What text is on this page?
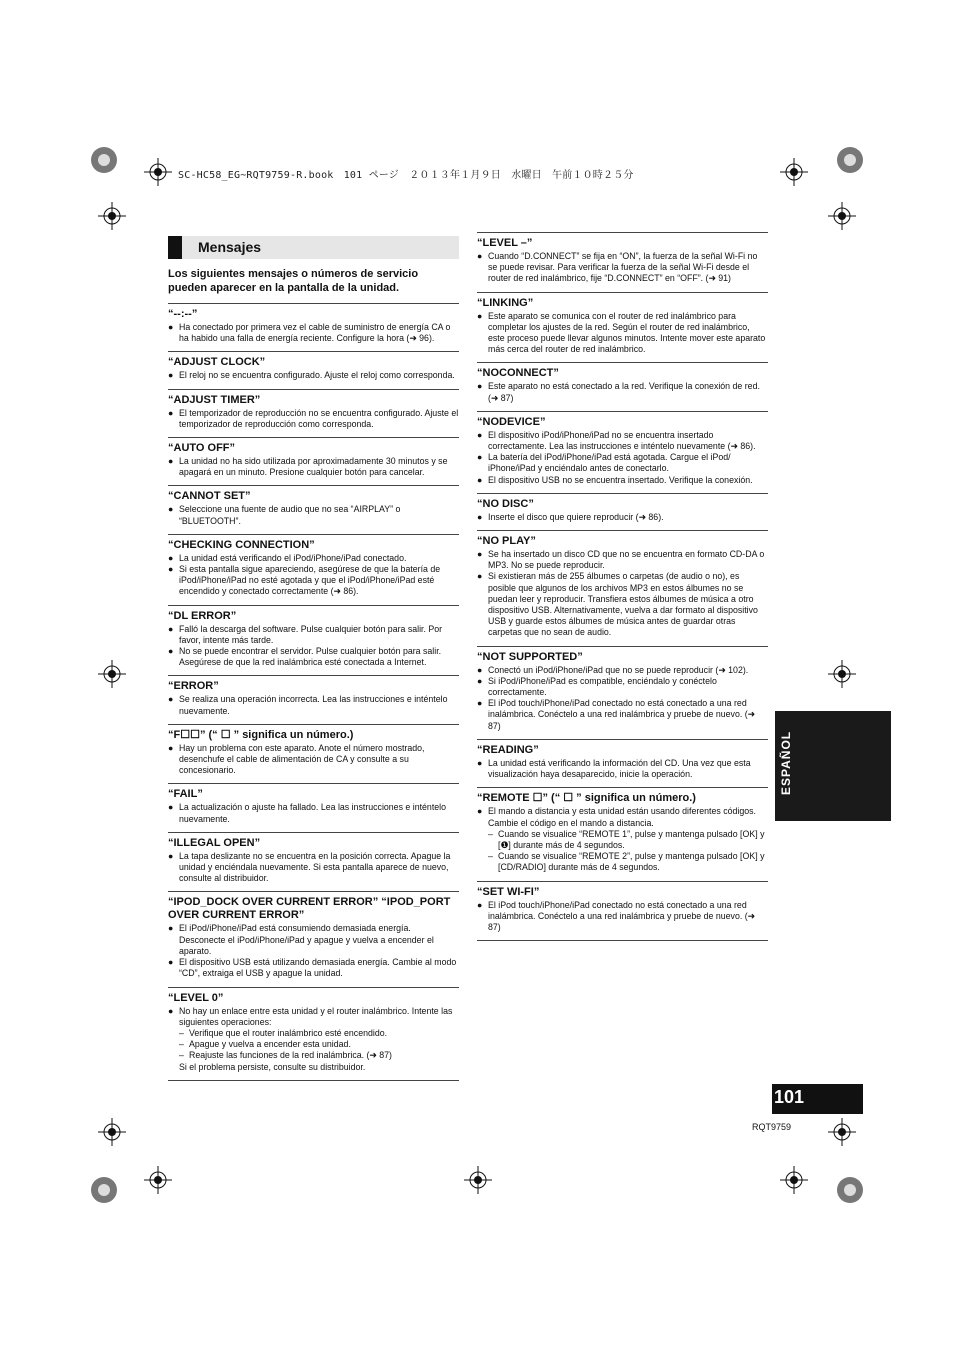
SC-HC58_EG~RQT9759-R.book　101 ページ　２０１３年１月９日　水曜日　午前１０時２５分
Mensajes

Los siguientes mensajes o números de servicio pueden aparecer en la pantalla de la unidad.

“--:--”
● Ha conectado por primera vez el cable de suministro de energía CA o ha habido una falla de energía reciente. Configure la hora (➜ 96).
“ADJUST CLOCK”
● El reloj no se encuentra configurado. Ajuste el reloj como corresponda.
“ADJUST TIMER”
● El temporizador de reproducción no se encuentra configurado. Ajuste el temporizador de reproducción como corresponda.
“AUTO OFF”
● La unidad no ha sido utilizada por aproximadamente 30 minutos y se apagará en un minuto. Presione cualquier botón para cancelar.
“CANNOT SET”
● Seleccione una fuente de audio que no sea “AIRPLAY” o “BLUETOOTH”.
“CHECKING CONNECTION”
● La unidad está verificando el iPod/iPhone/iPad conectado.
● Si esta pantalla sigue apareciendo, asegúrese de que la batería de iPod/iPhone/iPad no esté agotada y que el iPod/iPhone/iPad esté encendido y conectado correctamente (➜ 86).
“DL ERROR”
● Falló la descarga del software. Pulse cualquier botón para salir. Por favor, intente más tarde.
● No se puede encontrar el servidor. Pulse cualquier botón para salir. Asegúrese de que la red inalámbrica esté conectada a Internet.
“ERROR”
● Se realiza una operación incorrecta. Lea las instrucciones e inténtelo nuevamente.
“F☐☐” (“ ☐ ” significa un número.)
● Hay un problema con este aparato. Anote el número mostrado, desenchufe el cable de alimentación de CA y consulte a su concesionario.
“FAIL”
● La actualización o ajuste ha fallado. Lea las instrucciones e inténtelo nuevamente.
“ILLEGAL OPEN”
● La tapa deslizante no se encuentra en la posición correcta. Apague la unidad y enciéndala nuevamente. Si esta pantalla aparece de nuevo, consulte al distribuidor.
“IPOD_DOCK OVER CURRENT ERROR” “IPOD_PORT OVER CURRENT ERROR”
● El iPod/iPhone/iPad está consumiendo demasiada energía. Desconecte el iPod/iPhone/iPad y apague y vuelva a encender el aparato.
● El dispositivo USB está utilizando demasiada energía. Cambie al modo “CD”, extraiga el USB y apague la unidad.
“LEVEL 0”
● No hay un enlace entre esta unidad y el router inalámbrico. Intente las siguientes operaciones:
– Verifique que el router inalámbrico esté encendido.
– Apague y vuelva a encender esta unidad.
– Reajuste las funciones de la red inalámbrica. (➜ 87)
Si el problema persiste, consulte su distribuidor.
“LEVEL –”
● Cuando “D.CONNECT” se fija en “ON”, la fuerza de la señal Wi-Fi no se puede revisar. Para verificar la fuerza de la señal Wi-Fi desde el router de red inalámbrico, fije “D.CONNECT” en “OFF”. (➜ 91)
“LINKING”
● Este aparato se comunica con el router de red inalámbrico para completar los ajustes de la red. Según el router de red inalámbrico, este proceso puede llevar algunos minutos. Intente mover este aparato más cerca del router de red inalámbrico.
“NOCONNECT”
● Este aparato no está conectado a la red. Verifique la conexión de red. (➜ 87)
“NODEVICE”
● El dispositivo iPod/iPhone/iPad no se encuentra insertado correctamente. Lea las instrucciones e inténtelo nuevamente (➜ 86).
● La batería del iPod/iPhone/iPad está agotada. Cargue el iPod/ iPhone/iPad y enciéndalo antes de conectarlo.
● El dispositivo USB no se encuentra insertado. Verifique la conexión.
“NO DISC”
● Inserte el disco que quiere reproducir (➜ 86).
“NO PLAY”
● Se ha insertado un disco CD que no se encuentra en formato CD-DA o MP3. No se puede reproducir.
● Si existieran más de 255 álbumes o carpetas (de audio o no), es posible que algunos de los archivos MP3 en estos álbumes no se puedan leer y reproducir. Transfiera estos álbumes de música a otro dispositivo USB. Alternativamente, vuelva a dar formato al dispositivo USB y guarde estos álbumes de música antes de guardar otras carpetas que no sean de audio.
“NOT SUPPORTED”
● Conectó un iPod/iPhone/iPad que no se puede reproducir (➜ 102).
● Si iPod/iPhone/iPad es compatible, enciéndalo y conéctelo correctamente.
● El iPod touch/iPhone/iPad conectado no está conectado a una red inalámbrica. Conéctelo a una red inalámbrica y pruebe de nuevo. (➜ 87)
“READING”
● La unidad está verificando la información del CD. Una vez que esta visualización haya desaparecido, inicie la operación.
“REMOTE ☐” (“ ☐ ” significa un número.)
● El mando a distancia y esta unidad están usando diferentes códigos. Cambie el código en el mando a distancia.
– Cuando se visualice “REMOTE 1”, pulse y mantenga pulsado [OK] y [❶] durante más de 4 segundos.
– Cuando se visualice “REMOTE 2”, pulse y mantenga pulsado [OK] y [CD/RADIO] durante más de 4 segundos.
“SET WI-FI”
● El iPod touch/iPhone/iPad conectado no está conectado a una red inalámbrica. Conéctelo a una red inalámbrica y pruebe de nuevo. (➜ 87)
ESPAÑOL
101
RQT9759
